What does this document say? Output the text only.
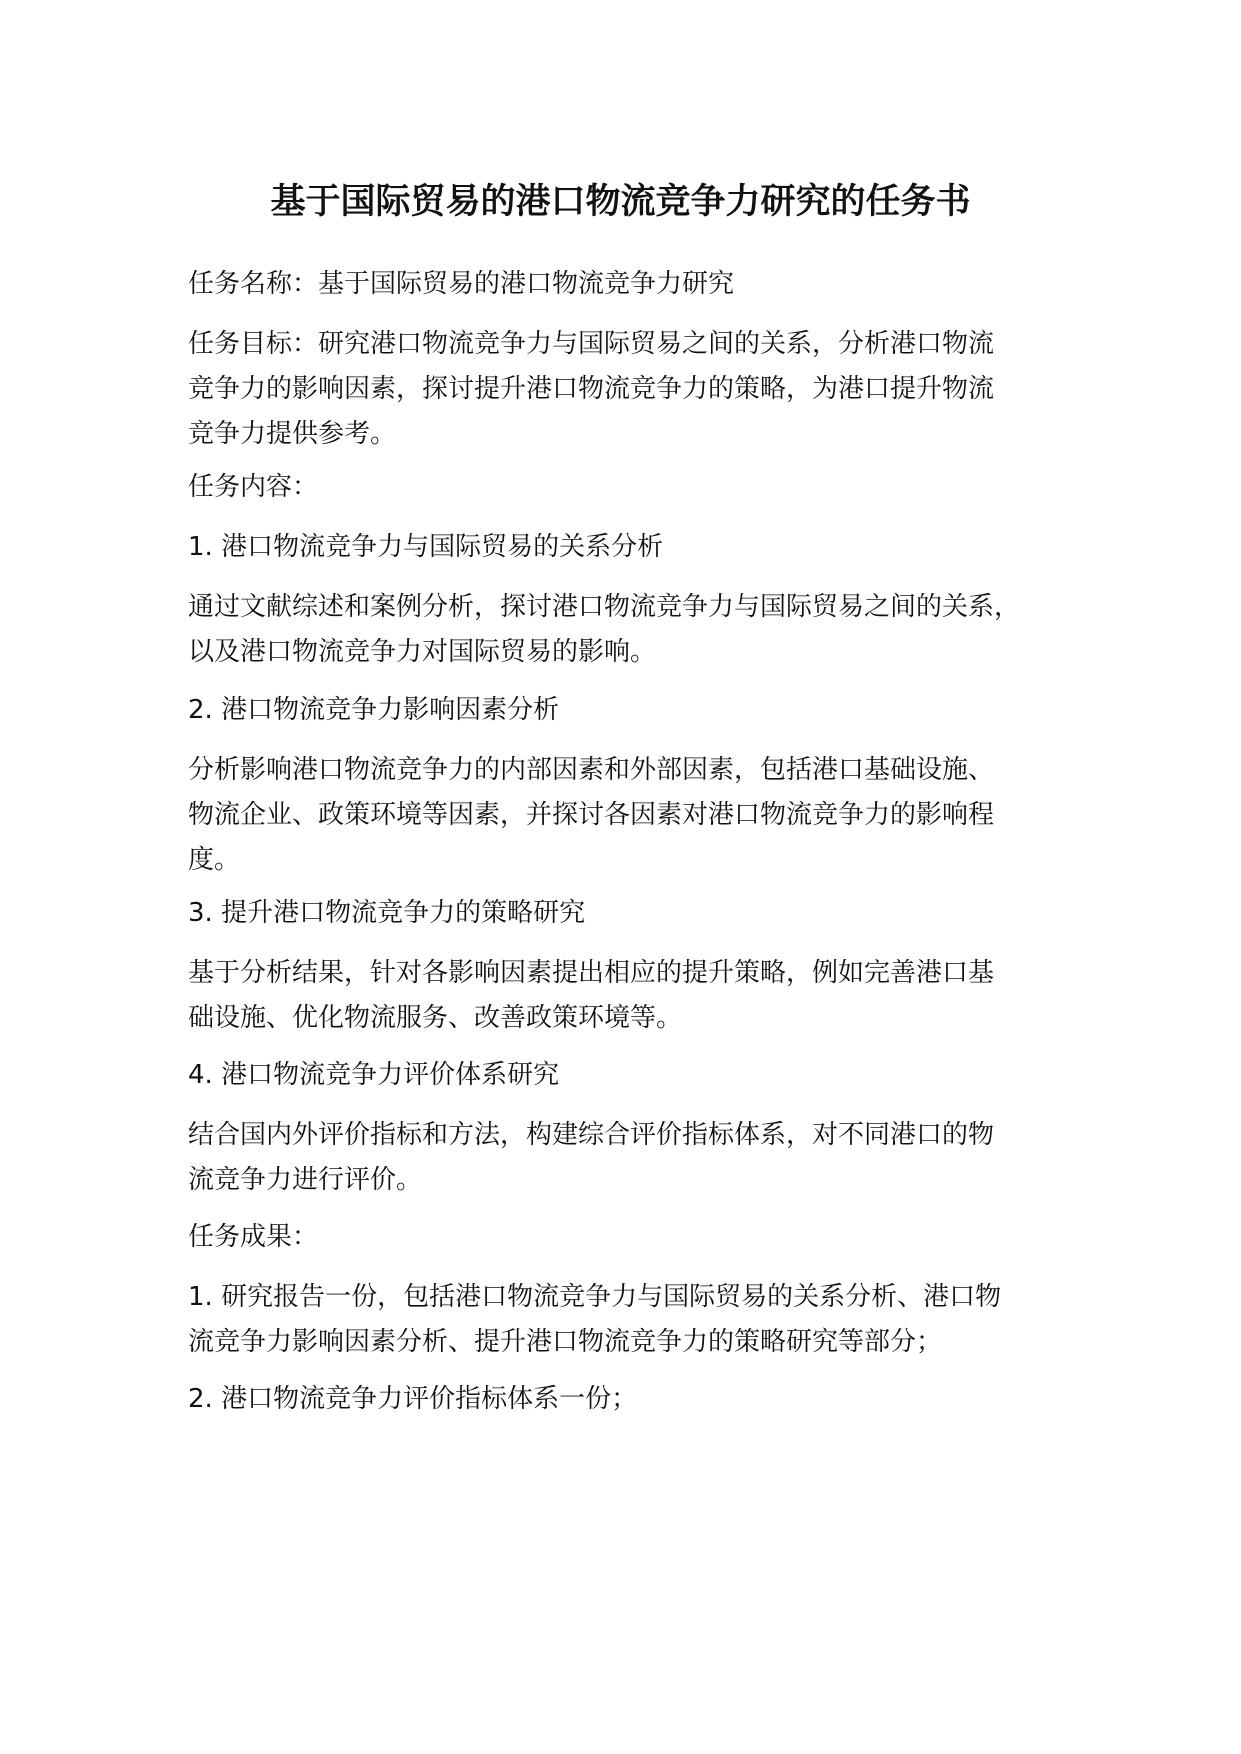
基于国际贸易的港口物流竞争力研究的任务书
任务名称：基于国际贸易的港口物流竞争力研究
任务目标：研究港口物流竞争力与国际贸易之间的关系，分析港口物流
竞争力的影响因素，探讨提升港口物流竞争力的策略，为港口提升物流
竞争力提供参考。
任务内容：
1. 港口物流竞争力与国际贸易的关系分析
通过文献综述和案例分析，探讨港口物流竞争力与国际贸易之间的关系，
以及港口物流竞争力对国际贸易的影响。
2. 港口物流竞争力影响因素分析
分析影响港口物流竞争力的内部因素和外部因素，包括港口基础设施、
物流企业、政策环境等因素，并探讨各因素对港口物流竞争力的影响程
度。
3. 提升港口物流竞争力的策略研究
基于分析结果，针对各影响因素提出相应的提升策略，例如完善港口基
础设施、优化物流服务、改善政策环境等。
4. 港口物流竞争力评价体系研究
结合国内外评价指标和方法，构建综合评价指标体系，对不同港口的物
流竞争力进行评价。
任务成果：
1. 研究报告一份，包括港口物流竞争力与国际贸易的关系分析、港口物
流竞争力影响因素分析、提升港口物流竞争力的策略研究等部分；
2. 港口物流竞争力评价指标体系一份；
